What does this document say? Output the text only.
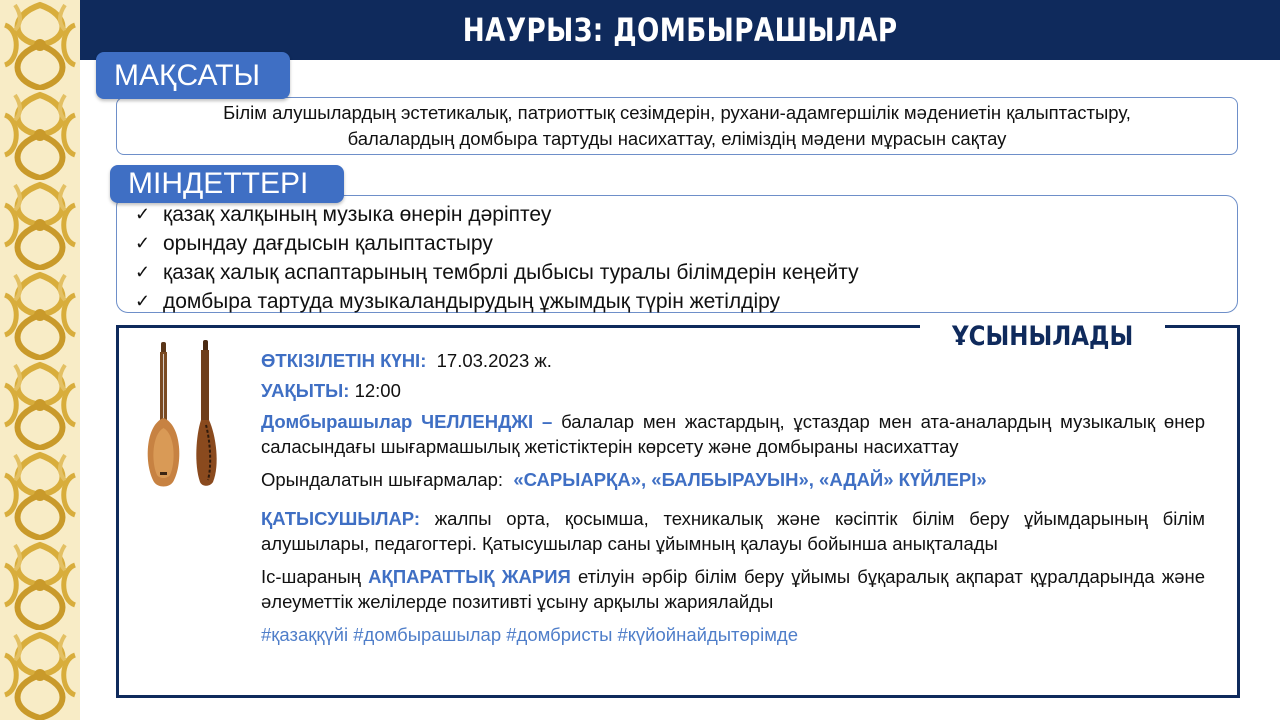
НАУРЫЗ: ДОМБЫРАШЫЛАР
МАҚСАТЫ
Білім алушылардың эстетикалық, патриоттық сезімдерін, рухани-адамгершілік мәдениетін қалыптастыру,
балалардың домбыра тартуды насихаттау, еліміздің мәдени мұрасын сақтау
МІНДЕТТЕРІ
✓ қазақ халқының музыка өнерін дәріптеу
✓ орындау дағдысын қалыптастыру
✓ қазақ халық аспаптарының тембрлі дыбысы туралы білімдерін кеңейту
✓ домбыра тартуда музыкаландырудың ұжымдық түрін жетілдіру
ҰСЫНЫЛАДЫ

ӨТКІЗІЛЕТІН КҮНІ: 17.03.2023 ж.

УАҚЫТЫ: 12:00

Домбырашылар ЧЕЛЛЕНДЖІ – балалар мен жастардың, ұстаздар мен ата-аналардың музыкалық өнер саласындағы шығармашылық жетістіктерін көрсету және домбыраны насихаттау

Орындалатын шығармалар: «САРЫАРҚА», «БАЛБЫРАУЫН», «АДАЙ» КҮЙЛЕРІ»

ҚАТЫСУШЫЛАР: жалпы орта, қосымша, техникалық және кәсіптік білім беру ұйымдарының білім алушылары, педагогтері. Қатысушылар саны ұйымның қалауы бойынша анықталады

Іс-шараның АҚПАРАТТЫҚ ЖАРИЯ етілуін әрбір білім беру ұйымы бұқаралық ақпарат құралдарында және әлеуметтік желілерде позитивті ұсыну арқылы жариялайды

#қазаққүйі #домбырашылар #домбристы #күйойнайдытөрімде
